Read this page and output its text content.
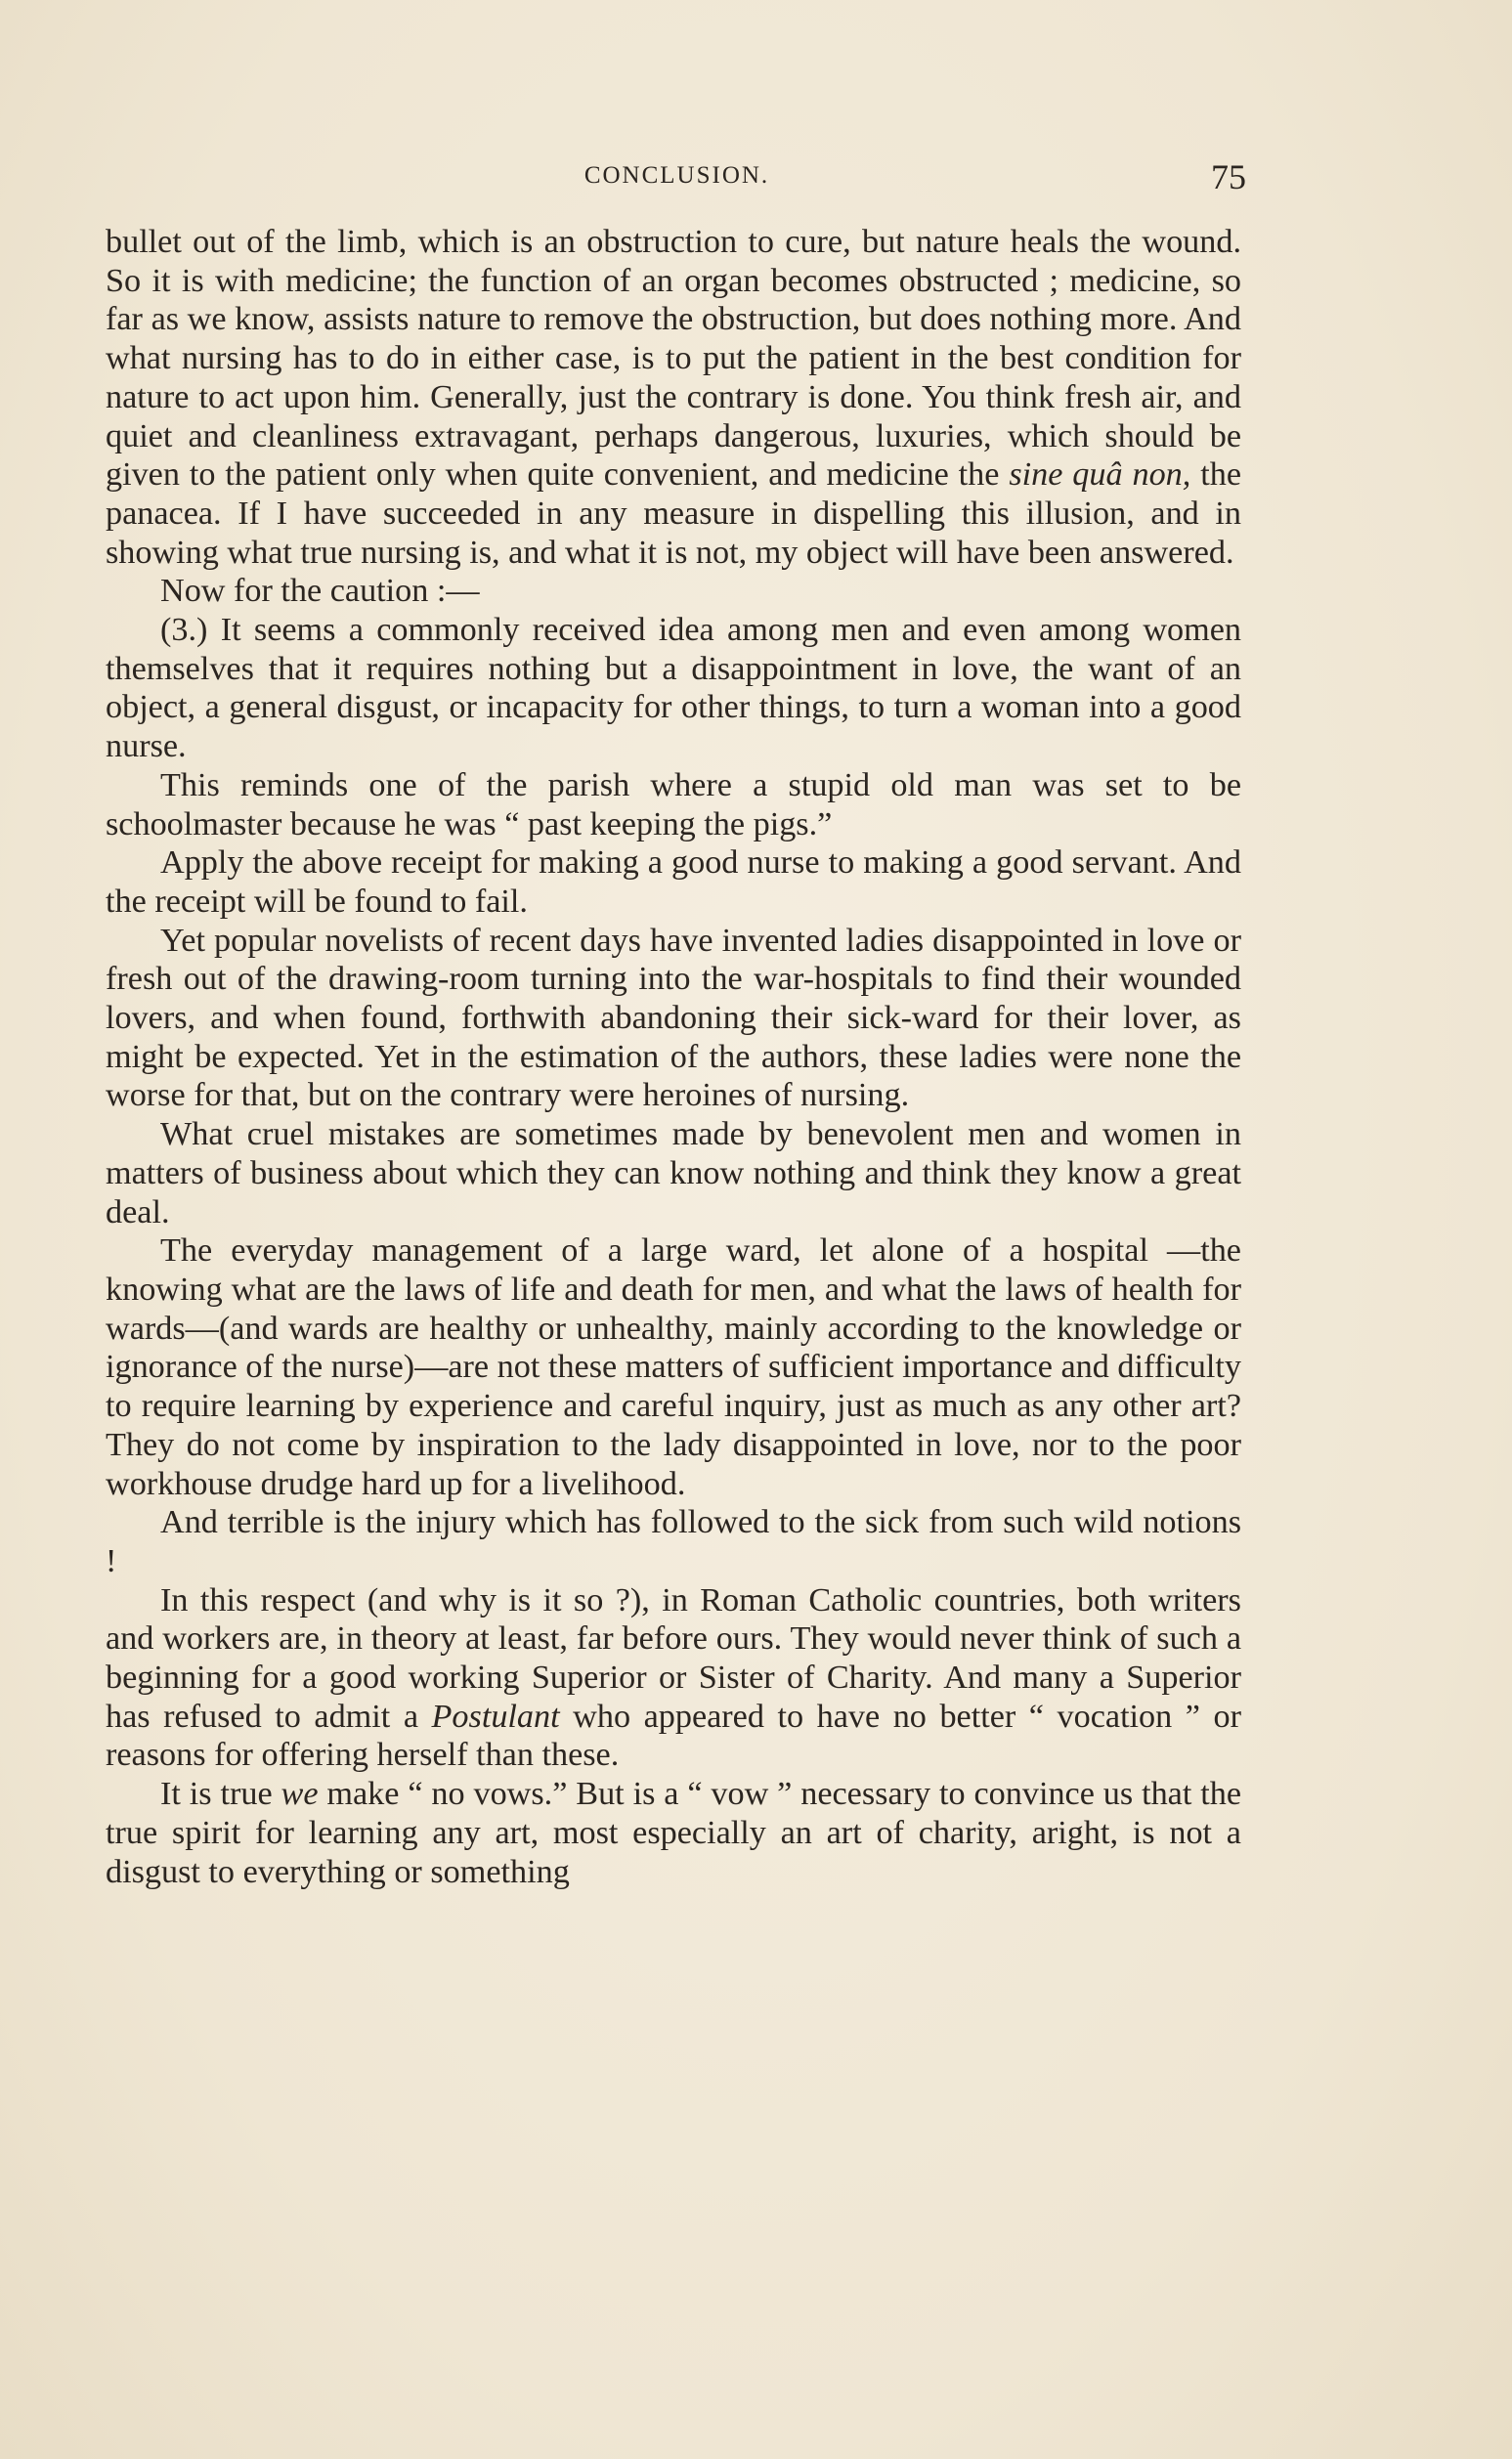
CONCLUSION.	75

bullet out of the limb, which is an obstruction to cure, but nature heals the wound. So it is with medicine; the function of an organ becomes obstructed ; medicine, so far as we know, assists nature to remove the obstruction, but does nothing more. And what nursing has to do in either case, is to put the patient in the best condition for nature to act upon him. Generally, just the contrary is done. You think fresh air, and quiet and cleanliness extravagant, perhaps dangerous, luxuries, which should be given to the patient only when quite convenient, and medicine the sine quâ non, the panacea. If I have succeeded in any measure in dispelling this illusion, and in showing what true nursing is, and what it is not, my object will have been answered.

Now for the caution :—

(3.) It seems a commonly received idea among men and even among women themselves that it requires nothing but a disappointment in love, the want of an object, a general disgust, or incapacity for other things, to turn a woman into a good nurse.

This reminds one of the parish where a stupid old man was set to be schoolmaster because he was “ past keeping the pigs.”

Apply the above receipt for making a good nurse to making a good servant. And the receipt will be found to fail.

Yet popular novelists of recent days have invented ladies disappointed in love or fresh out of the drawing-room turning into the war-hospitals to find their wounded lovers, and when found, forthwith abandoning their sick-ward for their lover, as might be expected. Yet in the estimation of the authors, these ladies were none the worse for that, but on the contrary were heroines of nursing.

What cruel mistakes are sometimes made by benevolent men and women in matters of business about which they can know nothing and think they know a great deal.

The everyday management of a large ward, let alone of a hospital —the knowing what are the laws of life and death for men, and what the laws of health for wards—(and wards are healthy or unhealthy, mainly according to the knowledge or ignorance of the nurse)—are not these matters of sufficient importance and difficulty to require learning by experience and careful inquiry, just as much as any other art? They do not come by inspiration to the lady disappointed in love, nor to the poor workhouse drudge hard up for a livelihood.

And terrible is the injury which has followed to the sick from such wild notions !

In this respect (and why is it so ?), in Roman Catholic countries, both writers and workers are, in theory at least, far before ours. They would never think of such a beginning for a good working Superior or Sister of Charity. And many a Superior has refused to admit a Postulant who appeared to have no better “ vocation ” or reasons for offering herself than these.

It is true we make “ no vows.” But is a “ vow ” necessary to convince us that the true spirit for learning any art, most especially an art of charity, aright, is not a disgust to everything or something
